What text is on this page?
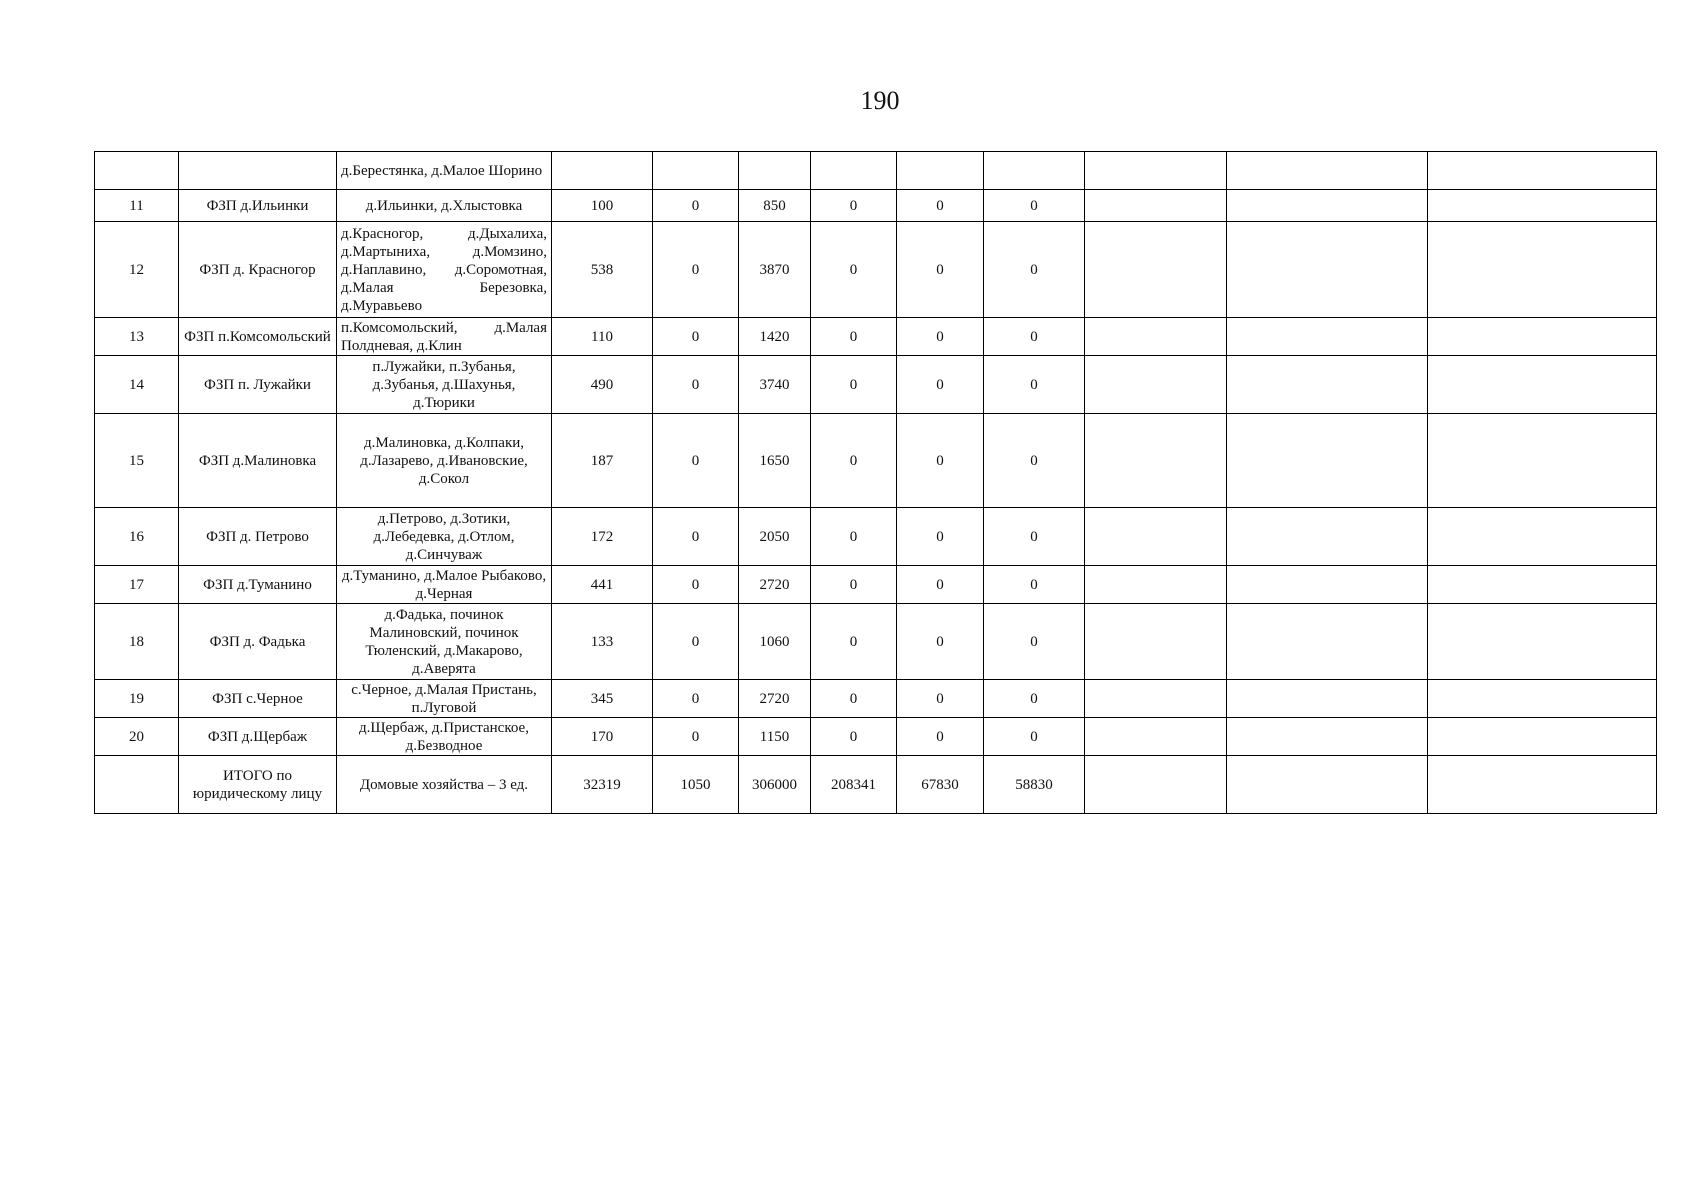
190
		д.Берестянка, д.Малое Шорино									
11	ФЗП д.Ильинки	д.Ильинки, д.Хлыстовка	100	0	850	0	0	0			
12	ФЗП д. Красногор	д.Красногор, д.Дыхалиха, д.Мартыниха, д.Момзино, д.Наплавино, д.Соромотная, д.Малая Березовка, д.Муравьево	538	0	3870	0	0	0			
13	ФЗП п.Комсомольский	п.Комсомольский, д.Малая Полдневая, д.Клин	110	0	1420	0	0	0			
14	ФЗП п. Лужайки	п.Лужайки, п.Зубанья, д.Зубанья, д.Шахунья, д.Тюрики	490	0	3740	0	0	0			
15	ФЗП д.Малиновка	д.Малиновка, д.Колпаки, д.Лазарево, д.Ивановские, д.Сокол	187	0	1650	0	0	0			
16	ФЗП д. Петрово	д.Петрово, д.Зотики, д.Лебедевка, д.Отлом, д.Синчуваж	172	0	2050	0	0	0			
17	ФЗП д.Туманино	д.Туманино, д.Малое Рыбаково, д.Черная	441	0	2720	0	0	0			
18	ФЗП д. Фадька	д.Фадька, починок Малиновский, починок Тюленский, д.Макарово, д.Аверята	133	0	1060	0	0	0			
19	ФЗП с.Черное	с.Черное, д.Малая Пристань, п.Луговой	345	0	2720	0	0	0			
20	ФЗП д.Щербаж	д.Щербаж, д.Пристанское, д.Безводное	170	0	1150	0	0	0			
	ИТОГО по юридическому лицу	Домовые хозяйства – 3 ед.	32319	1050	306000	208341	67830	58830			
